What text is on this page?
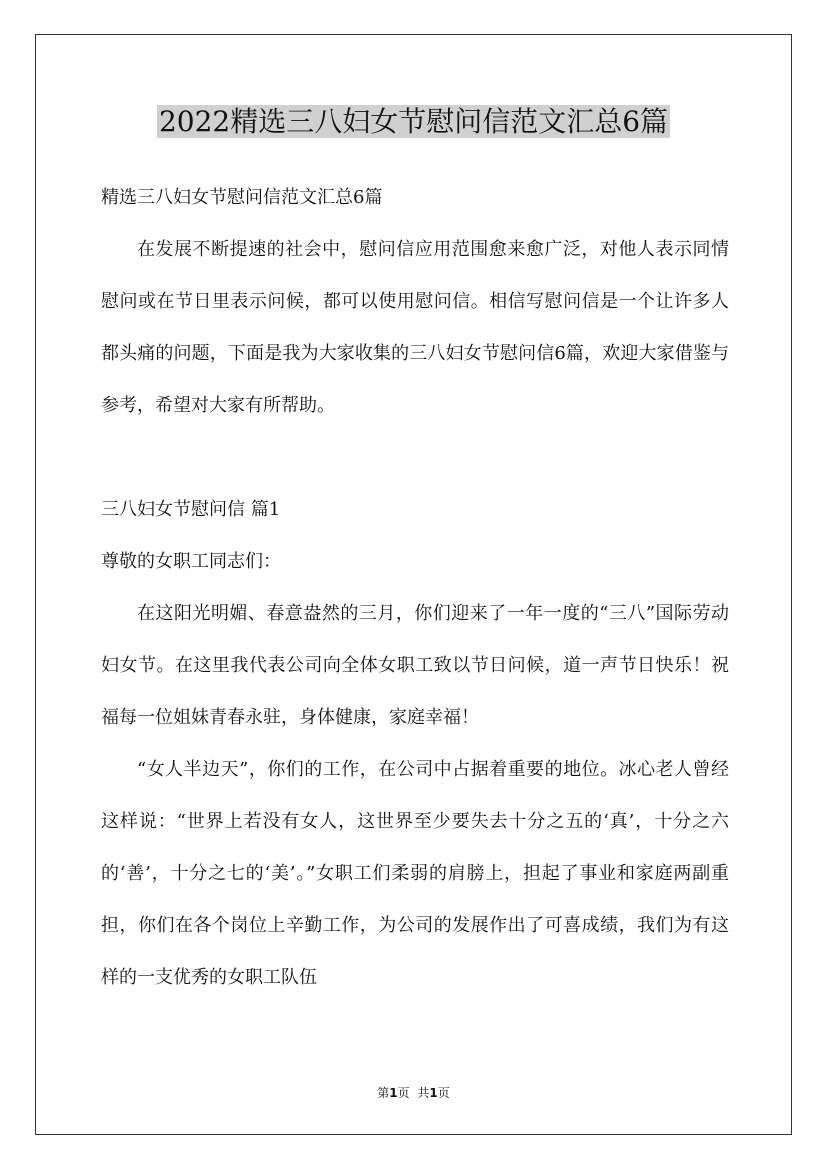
2022精选三八妇女节慰问信范文汇总6篇

精选三八妇女节慰问信范文汇总6篇

在发展不断提速的社会中，慰问信应用范围愈来愈广泛，对他人表示同情慰问或在节日里表示问候，都可以使用慰问信。相信写慰问信是一个让许多人都头痛的问题，下面是我为大家收集的三八妇女节慰问信6篇，欢迎大家借鉴与参考，希望对大家有所帮助。

三八妇女节慰问信 篇1

尊敬的女职工同志们：

在这阳光明媚、春意盎然的三月，你们迎来了一年一度的“三八”国际劳动妇女节。在这里我代表公司向全体女职工致以节日问候，道一声节日快乐！祝福每一位姐妹青春永驻，身体健康，家庭幸福！

“女人半边天”，你们的工作，在公司中占据着重要的地位。冰心老人曾经这样说：“世界上若没有女人，这世界至少要失去十分之五的‘真’，十分之六的‘善’，十分之七的‘美’。”女职工们柔弱的肩膀上，担起了事业和家庭两副重担，你们在各个岗位上辛勤工作，为公司的发展作出了可喜成绩，我们为有这样的一支优秀的女职工队伍

第1页 共1页
